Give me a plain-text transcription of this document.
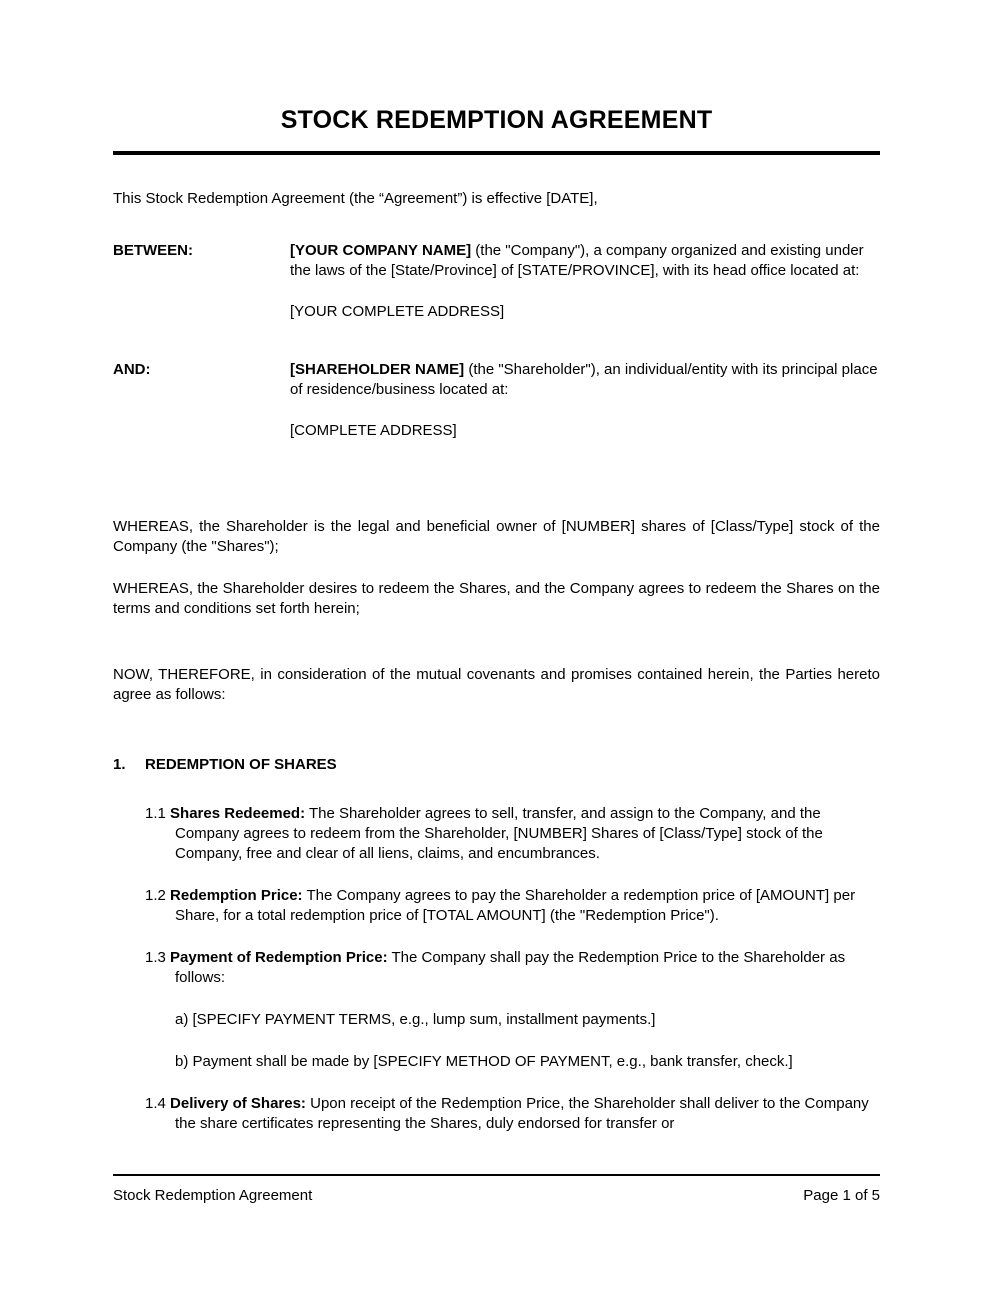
STOCK REDEMPTION AGREEMENT

This Stock Redemption Agreement (the “Agreement”) is effective [DATE],

BETWEEN:	[YOUR COMPANY NAME] (the "Company"), a company organized and existing under the laws of the [State/Province] of [STATE/PROVINCE], with its head office located at:
[YOUR COMPLETE ADDRESS]
AND:	[SHAREHOLDER NAME] (the "Shareholder"), an individual/entity with its principal place of residence/business located at:
[COMPLETE ADDRESS]

WHEREAS, the Shareholder is the legal and beneficial owner of [NUMBER] shares of [Class/Type] stock of the Company (the "Shares");

WHEREAS, the Shareholder desires to redeem the Shares, and the Company agrees to redeem the Shares on the terms and conditions set forth herein;

NOW, THEREFORE, in consideration of the mutual covenants and promises contained herein, the Parties hereto agree as follows:

1.	REDEMPTION OF SHARES
1.1 Shares Redeemed: The Shareholder agrees to sell, transfer, and assign to the Company, and the Company agrees to redeem from the Shareholder, [NUMBER] Shares of [Class/Type] stock of the Company, free and clear of all liens, claims, and encumbrances.
1.2 Redemption Price: The Company agrees to pay the Shareholder a redemption price of [AMOUNT] per Share, for a total redemption price of [TOTAL AMOUNT] (the "Redemption Price").
1.3 Payment of Redemption Price: The Company shall pay the Redemption Price to the Shareholder as follows:
a) [SPECIFY PAYMENT TERMS, e.g., lump sum, installment payments.]
b) Payment shall be made by [SPECIFY METHOD OF PAYMENT, e.g., bank transfer, check.]
1.4 Delivery of Shares: Upon receipt of the Redemption Price, the Shareholder shall deliver to the Company the share certificates representing the Shares, duly endorsed for transfer or
Stock Redemption Agreement	Page 1 of 5
